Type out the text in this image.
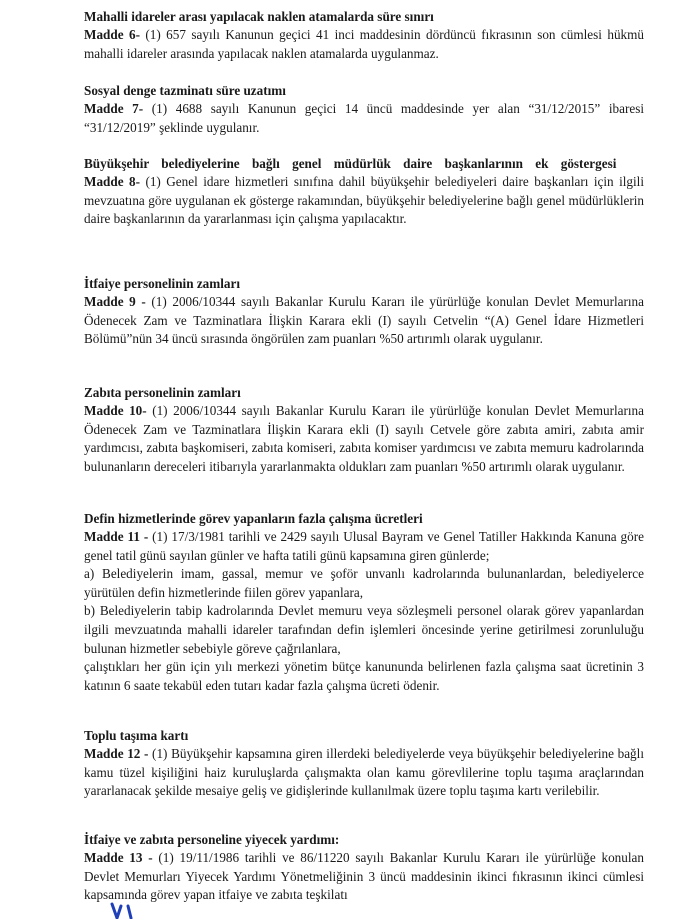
Mahalli idareler arası yapılacak naklen atamalarda süre sınırı

Madde 6- (1) 657 sayılı Kanunun geçici 41 inci maddesinin dördüncü fıkrasının son cümlesi hükmü mahalli idareler arasında yapılacak naklen atamalarda uygulanmaz.

Sosyal denge tazminatı süre uzatımı

Madde 7- (1) 4688 sayılı Kanunun geçici 14 üncü maddesinde yer alan “31/12/2015” ibaresi “31/12/2019” şeklinde uygulanır.

Büyükşehir belediyelerine bağlı genel müdürlük daire başkanlarının ek göstergesi

Madde 8- (1) Genel idare hizmetleri sınıfına dahil büyükşehir belediyeleri daire başkanları için ilgili mevzuatına göre uygulanan ek gösterge rakamından, büyükşehir belediyelerine bağlı genel müdürlüklerin daire başkanlarının da yararlanması için çalışma yapılacaktır.

İtfaiye personelinin zamları

Madde 9 - (1) 2006/10344 sayılı Bakanlar Kurulu Kararı ile yürürlüğe konulan Devlet Memurlarına Ödenecek Zam ve Tazminatlara İlişkin Karara ekli (I) sayılı Cetvelin “(A) Genel İdare Hizmetleri Bölümü”nün 34 üncü sırasında öngörülen zam puanları %50 artırımlı olarak uygulanır.

Zabıta personelinin zamları

Madde 10- (1) 2006/10344 sayılı Bakanlar Kurulu Kararı ile yürürlüğe konulan Devlet Memurlarına Ödenecek Zam ve Tazminatlara İlişkin Karara ekli (I) sayılı Cetvele göre zabıta amiri, zabıta amir yardımcısı, zabıta başkomiseri, zabıta komiseri, zabıta komiser yardımcısı ve zabıta memuru kadrolarında bulunanların dereceleri itibarıyla yararlanmakta oldukları zam puanları %50 artırımlı olarak uygulanır.

Defin hizmetlerinde görev yapanların fazla çalışma ücretleri

Madde 11 - (1) 17/3/1981 tarihli ve 2429 sayılı Ulusal Bayram ve Genel Tatiller Hakkında Kanuna göre genel tatil günü sayılan günler ve hafta tatili günü kapsamına giren günlerde;

a) Belediyelerin imam, gassal, memur ve şoför unvanlı kadrolarında bulunanlardan, belediyelerce yürütülen defin hizmetlerinde fiilen görev yapanlara,

b) Belediyelerin tabip kadrolarında Devlet memuru veya sözleşmeli personel olarak görev yapanlardan ilgili mevzuatında mahalli idareler tarafından defin işlemleri öncesinde yerine getirilmesi zorunluluğu bulunan hizmetler sebebiyle göreve çağrılanlara,

çalıştıkları her gün için yılı merkezi yönetim bütçe kanununda belirlenen fazla çalışma saat ücretinin 3 katının 6 saate tekabül eden tutarı kadar fazla çalışma ücreti ödenir.

Toplu taşıma kartı

Madde 12 - (1) Büyükşehir kapsamına giren illerdeki belediyelerde veya büyükşehir belediyelerine bağlı kamu tüzel kişiliğini haiz kuruluşlarda çalışmakta olan kamu görevlilerine toplu taşıma araçlarından yararlanacak şekilde mesaiye geliş ve gidişlerinde kullanılmak üzere toplu taşıma kartı verilebilir.

İtfaiye ve zabıta personeline yiyecek yardımı:

Madde 13 - (1) 19/11/1986 tarihli ve 86/11220 sayılı Bakanlar Kurulu Kararı ile yürürlüğe konulan Devlet Memurları Yiyecek Yardımı Yönetmeliğinin 3 üncü maddesinin ikinci fıkrasının ikinci cümlesi kapsamında görev yapan itfaiye ve zabıta teşkilatı
